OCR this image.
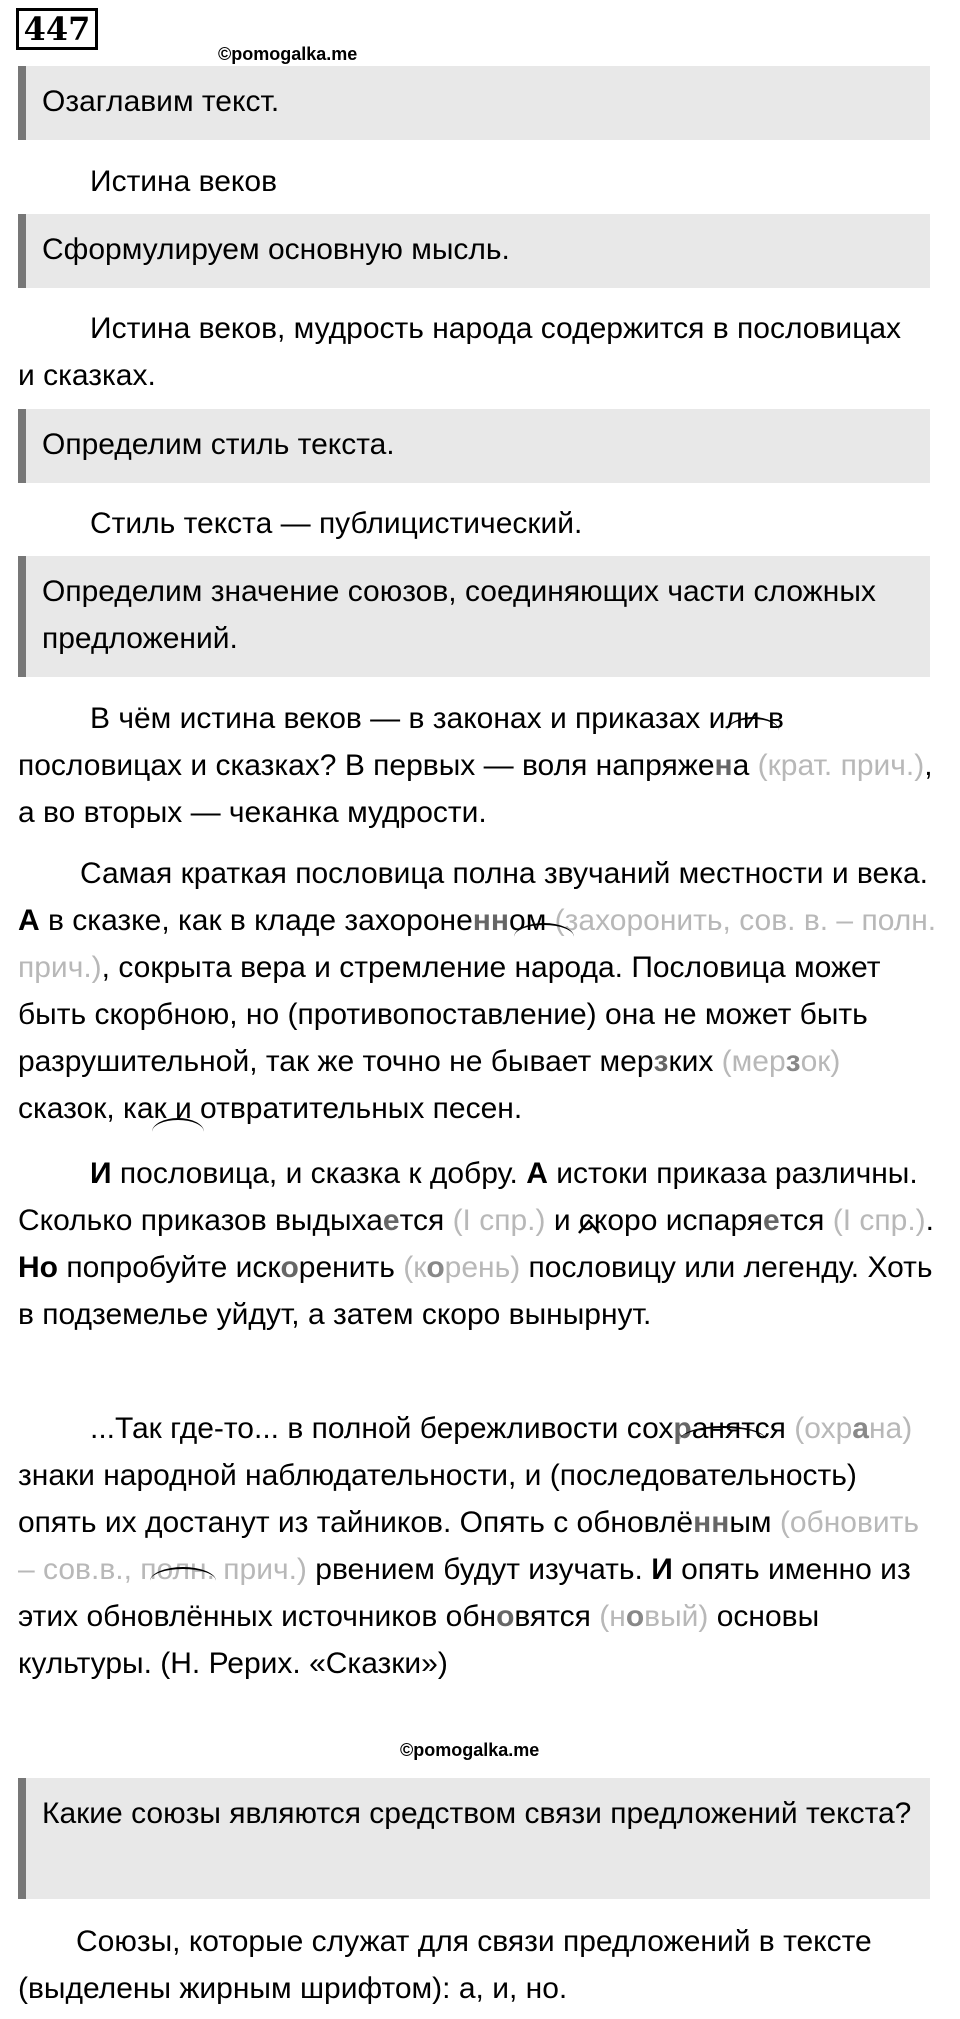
447
©pomogalka.me
Озаглавим текст.
Истина веков
Сформулируем основную мысль.
Истина веков, мудрость народа содержится в пословицах и сказках.
Определим стиль текста.
Стиль текста — публицистический.
Определим значение союзов, соединяющих части сложных предложений.
В чём истина веков — в законах и приказах или в пословицах и сказках? В первых — воля напряжена (крат. прич.), а во вторых — чеканка мудрости.
Самая краткая пословица полна звучаний местности и века. А в сказке, как в кладе захороненном (захоронить, сов. в. – полн. прич.), сокрыта вера и стремление народа. Пословица может быть скорбною, но (противопоставление) она не может быть разрушительной, так же точно не бывает мерзких (мерзок) сказок, как и отвратительных песен.
И пословица, и сказка к добру. А истоки приказа различны. Сколько приказов выдыхается (I спр.) и скоро испаряется (I спр.). Но попробуйте искоренить (корень) пословицу или легенду. Хоть в подземелье уйдут, а затем скоро вынырнут.
...Так где-то... в полной бережливости сохранятся (охрана) знаки народной наблюдательности, и (последовательность) опять их достанут из тайников. Опять с обновлённым (обновить – сов.в., полн. прич.) рвением будут изучать. И опять именно из этих обновлённых источников обновятся (новый) основы культуры. (Н. Рерих. «Сказки»)
©pomogalka.me
Какие союзы являются средством связи предложений текста?
Союзы, которые служат для связи предложений в тексте (выделены жирным шрифтом): а, и, но.
